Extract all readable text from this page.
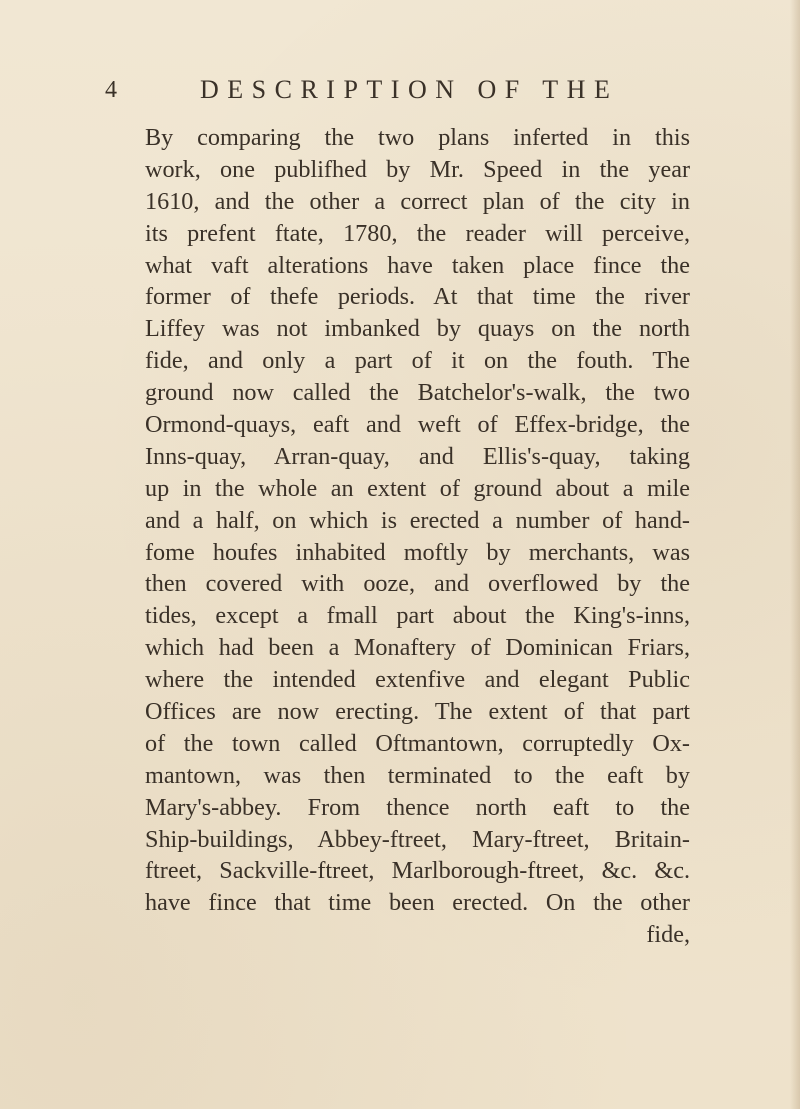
4	DESCRIPTION OF THE
By comparing the two plans inferted in this
work, one publifhed by Mr. Speed in the year
1610, and the other a correct plan of the city in
its prefent ftate, 1780, the reader will perceive,
what vaft alterations have taken place fince the
former of thefe periods. At that time the river
Liffey was not imbanked by quays on the north
fide, and only a part of it on the fouth. The
ground now called the Batchelor's-walk, the two
Ormond-quays, eaft and weft of Effex-bridge, the
Inns-quay, Arran-quay, and Ellis's-quay, taking
up in the whole an extent of ground about a mile
and a half, on which is erected a number of hand-
fome houfes inhabited moftly by merchants, was
then covered with ooze, and overflowed by the
tides, except a fmall part about the King's-inns,
which had been a Monaftery of Dominican Friars,
where the intended extenfive and elegant Public
Offices are now erecting. The extent of that part
of the town called Oftmantown, corruptedly Ox-
mantown, was then terminated to the eaft by
Mary's-abbey. From thence north eaft to the
Ship-buildings, Abbey-ftreet, Mary-ftreet, Britain-
ftreet, Sackville-ftreet, Marlborough-ftreet, &c. &c.
have fince that time been erected. On the other
fide,
